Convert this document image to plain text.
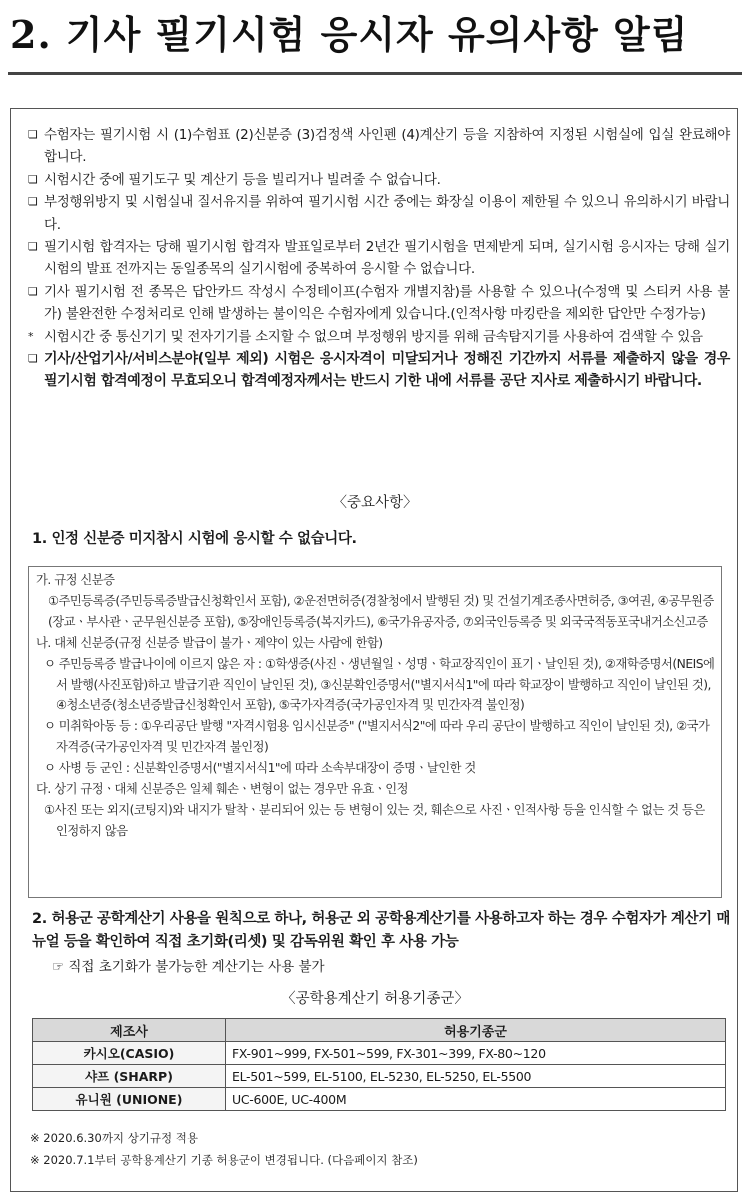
2. 기사 필기시험 응시자 유의사항 알림
❏ 수험자는 필기시험 시 (1)수험표 (2)신분증 (3)검정색 사인펜 (4)계산기 등을 지참하여 지정된 시험실에 입실 완료해야 합니다.
❏ 시험시간 중에 필기도구 및 계산기 등을 빌리거나 빌려줄 수 없습니다.
❏ 부정행위방지 및 시험실내 질서유지를 위하여 필기시험 시간 중에는 화장실 이용이 제한될 수 있으니 유의하시기 바랍니다.
❏ 필기시험 합격자는 당해 필기시험 합격자 발표일로부터 2년간 필기시험을 면제받게 되며, 실기시험 응시자는 당해 실기시험의 발표 전까지는 동일종목의 실기시험에 중복하여 응시할 수 없습니다.
❏ 기사 필기시험 전 종목은 답안카드 작성시 수정테이프(수험자 개별지참)를 사용할 수 있으나(수정액 및 스티커 사용 불가) 불완전한 수정처리로 인해 발생하는 불이익은 수험자에게 있습니다.(인적사항 마킹란을 제외한 답안만 수정가능)
* 시험시간 중 통신기기 및 전자기기를 소지할 수 없으며 부정행위 방지를 위해 금속탐지기를 사용하여 검색할 수 있음
❏ 기사/산업기사/서비스분야(일부 제외) 시험은 응시자격이 미달되거나 정해진 기간까지 서류를 제출하지 않을 경우 필기시험 합격예정이 무효되오니 합격예정자께서는 반드시 기한 내에 서류를 공단 지사로 제출하시기 바랍니다.
〈중요사항〉
1. 인정 신분증 미지참시 시험에 응시할 수 없습니다.

가. 규정 신분증

①주민등록증(주민등록증발급신청확인서 포함), ②운전면허증(경찰청에서 발행된 것) 및 건설기계조종사면허증, ③여권, ④공무원증(장교ㆍ부사관ㆍ군무원신분증 포함), ⑤장애인등록증(복지카드), ⑥국가유공자증, ⑦외국인등록증 및 외국국적동포국내거소신고증

나. 대체 신분증(규정 신분증 발급이 불가ㆍ제약이 있는 사람에 한함)

ㅇ 주민등록증 발급나이에 이르지 않은 자 : ①학생증(사진ㆍ생년월일ㆍ성명ㆍ학교장직인이 표기ㆍ날인된 것), ②재학증명서(NEIS에서 발행(사진포함)하고 발급기관 직인이 날인된 것), ③신분확인증명서("별지서식1"에 따라 학교장이 발행하고 직인이 날인된 것), ④청소년증(청소년증발급신청확인서 포함), ⑤국가자격증(국가공인자격 및 민간자격 불인정)

ㅇ 미취학아동 등 : ①우리공단 발행 "자격시험용 임시신분증" ("별지서식2"에 따라 우리 공단이 발행하고 직인이 날인된 것), ②국가자격증(국가공인자격 및 민간자격 불인정)

ㅇ 사병 등 군인 : 신분확인증명서("별지서식1"에 따라 소속부대장이 증명ㆍ날인한 것

다. 상기 규정ㆍ대체 신분증은 일체 훼손ㆍ변형이 없는 경우만 유효ㆍ인정

①사진 또는 외지(코팅지)와 내지가 탈착ㆍ분리되어 있는 등 변형이 있는 것, 훼손으로 사진ㆍ인적사항 등을 인식할 수 없는 것 등은 인정하지 않음

2. 허용군 공학계산기 사용을 원칙으로 하나, 허용군 외 공학용계산기를 사용하고자 하는 경우 수험자가 계산기 매뉴얼 등을 확인하여 직접 초기화(리셋) 및 감독위원 확인 후 사용 가능
☞ 직접 초기화가 불가능한 계산기는 사용 불가
〈공학용계산기 허용기종군〉
제조사	허용기종군
카시오(CASIO)	FX-901~999, FX-501~599, FX-301~399, FX-80~120
샤프 (SHARP)	EL-501~599, EL-5100, EL-5230, EL-5250, EL-5500
유니원 (UNIONE)	UC-600E, UC-400M
※ 2020.6.30까지 상기규정 적용
※ 2020.7.1부터 공학용계산기 기종 허용군이 변경됩니다. (다음페이지 참조)
